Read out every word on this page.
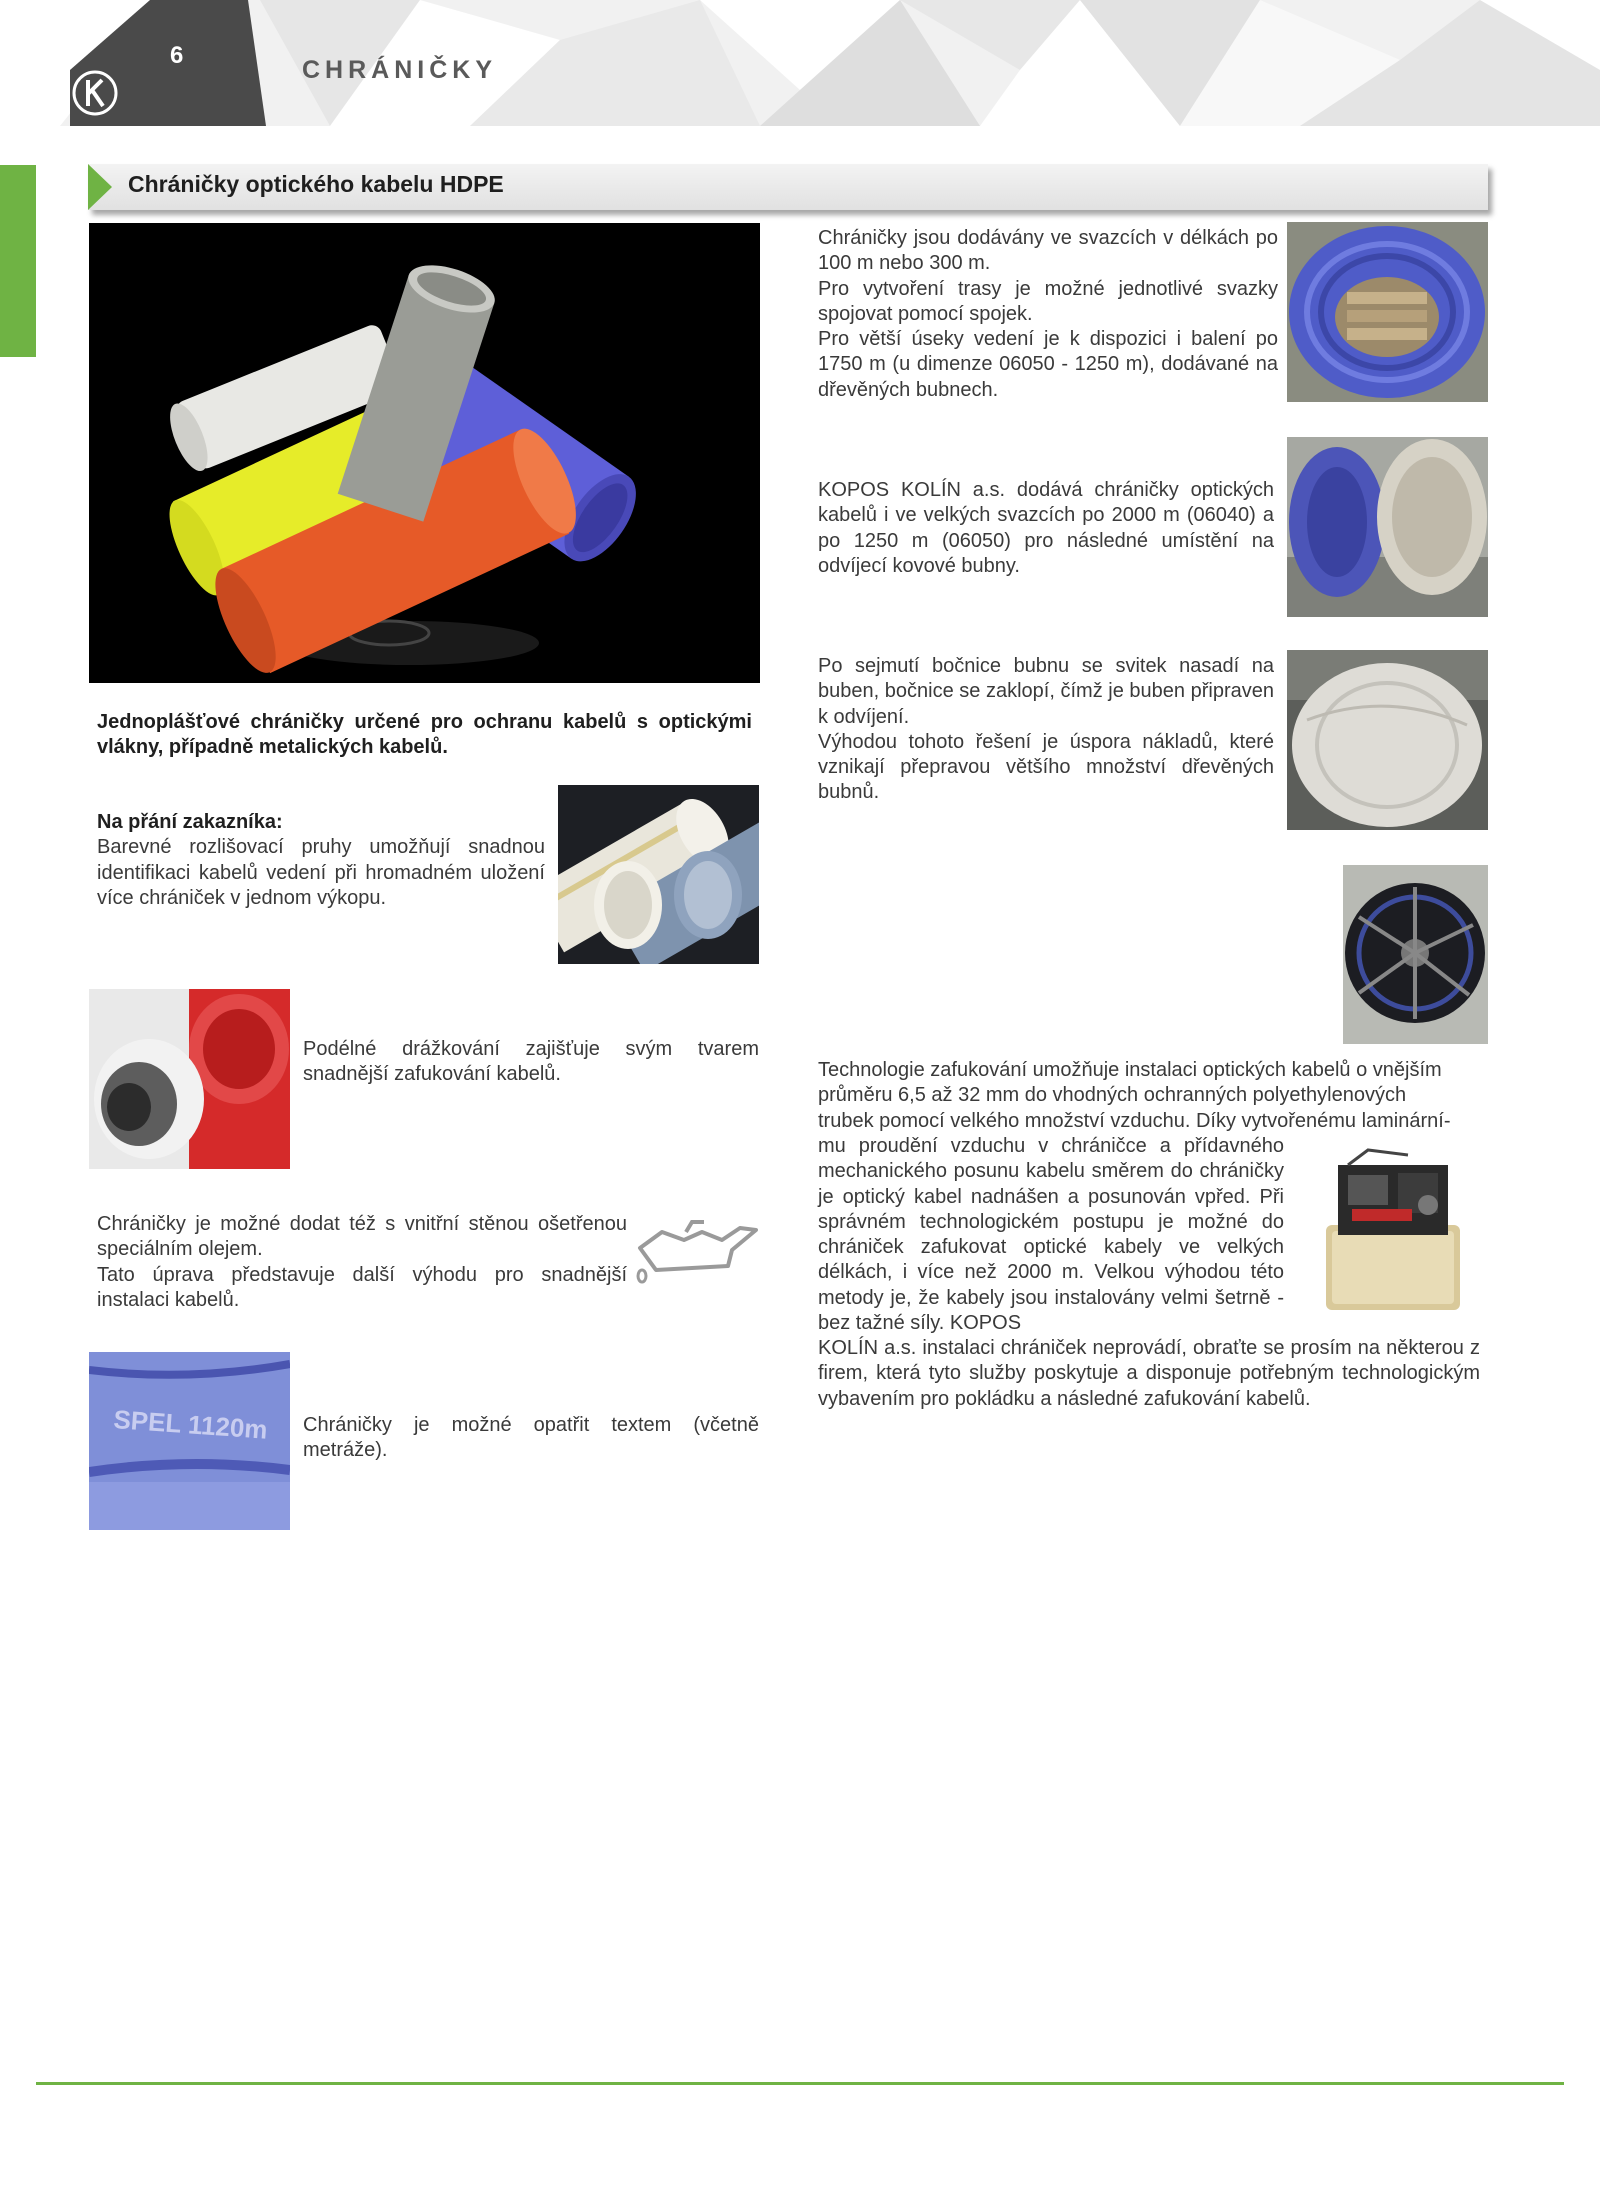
6
CHRÁNIČKY
Chráničky optického kabelu HDPE
Jednoplášťové chráničky určené pro ochranu kabelů s optickými vlákny, případně metalických kabelů.

Na přání zakazníka:

Barevné rozlišovací pruhy umožňují snadnou identifikaci kabelů vedení při hromadném uložení více chrániček v jednom výkopu.

Podélné drážkování zajišťuje svým tvarem snadnější zafukování kabelů.

Chráničky je možné dodat též s vnitřní stěnou ošetřenou speciálním olejem.

Tato úprava představuje další výhodu pro snadnější instalaci kabelů.

SPEL 1120m Chráničky je možné opatřit textem (včetně metráže).

Chráničky jsou dodávány ve svazcích v délkách po 100 m nebo 300 m.

Pro vytvoření trasy je možné jednotlivé svazky spojovat pomocí spojek.

Pro větší úseky vedení je k dispozici i balení po 1750 m (u dimenze 06050 - 1250 m), dodávané na dřevěných bubnech.

KOPOS KOLÍN a.s. dodává chráničky optických kabelů i ve velkých svazcích po 2000 m (06040) a po 1250 m (06050) pro následné umístění na odvíjecí kovové bubny.

Po sejmutí bočnice bubnu se svitek nasadí na buben, bočnice se zaklopí, čímž je buben připraven k odvíjení.

Výhodou tohoto řešení je úspora nákladů, které vznikají přepravou většího množství dřevěných bubnů.

Technologie zafukování umožňuje instalaci optických kabelů o vnějším

průměru 6,5 až 32 mm do vhodných ochranných polyethylenových

trubek pomocí velkého množství vzduchu. Díky vytvořenému laminární-

mu proudění vzduchu v chráničce a přídavného mechanického posunu kabelu směrem do chráničky je optický kabel nadnášen a posunován vpřed. Při správném technologickém postupu je možné do chrániček zafukovat optické kabely ve velkých délkách, i více než 2000 m. Velkou výhodou této metody je, že kabely jsou instalovány velmi šetrně - bez tažné síly. KOPOS
KOLÍN a.s. instalaci chrániček neprovádí, obraťte se prosím na některou z firem, která tyto služby poskytuje a disponuje potřebným technologickým vybavením pro pokládku a následné zafukování kabelů.
